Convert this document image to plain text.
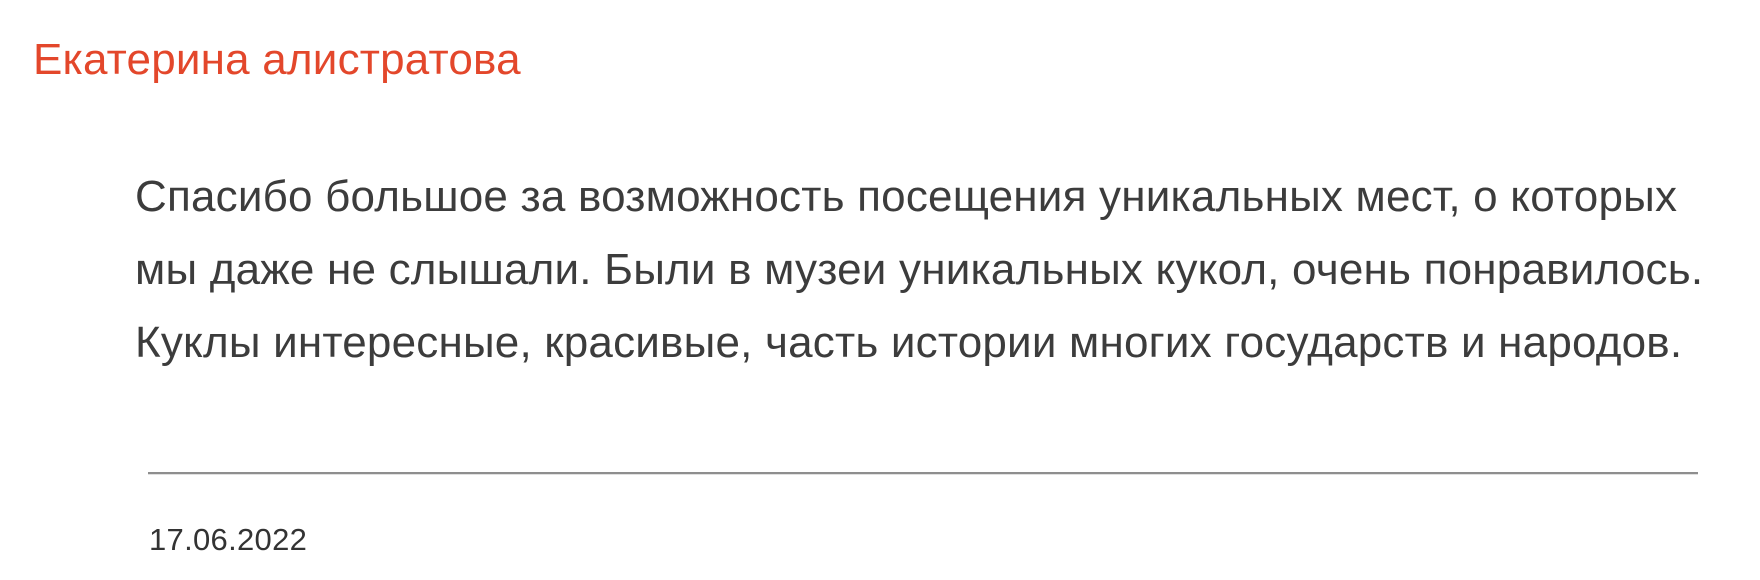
Екатерина алистратова
Спасибо большое за возможность посещения уникальных мест, о которых
мы даже не слышали. Были в музеи уникальных кукол, очень понравилось.
Куклы интересные, красивые, часть истории многих государств и народов.
17.06.2022
